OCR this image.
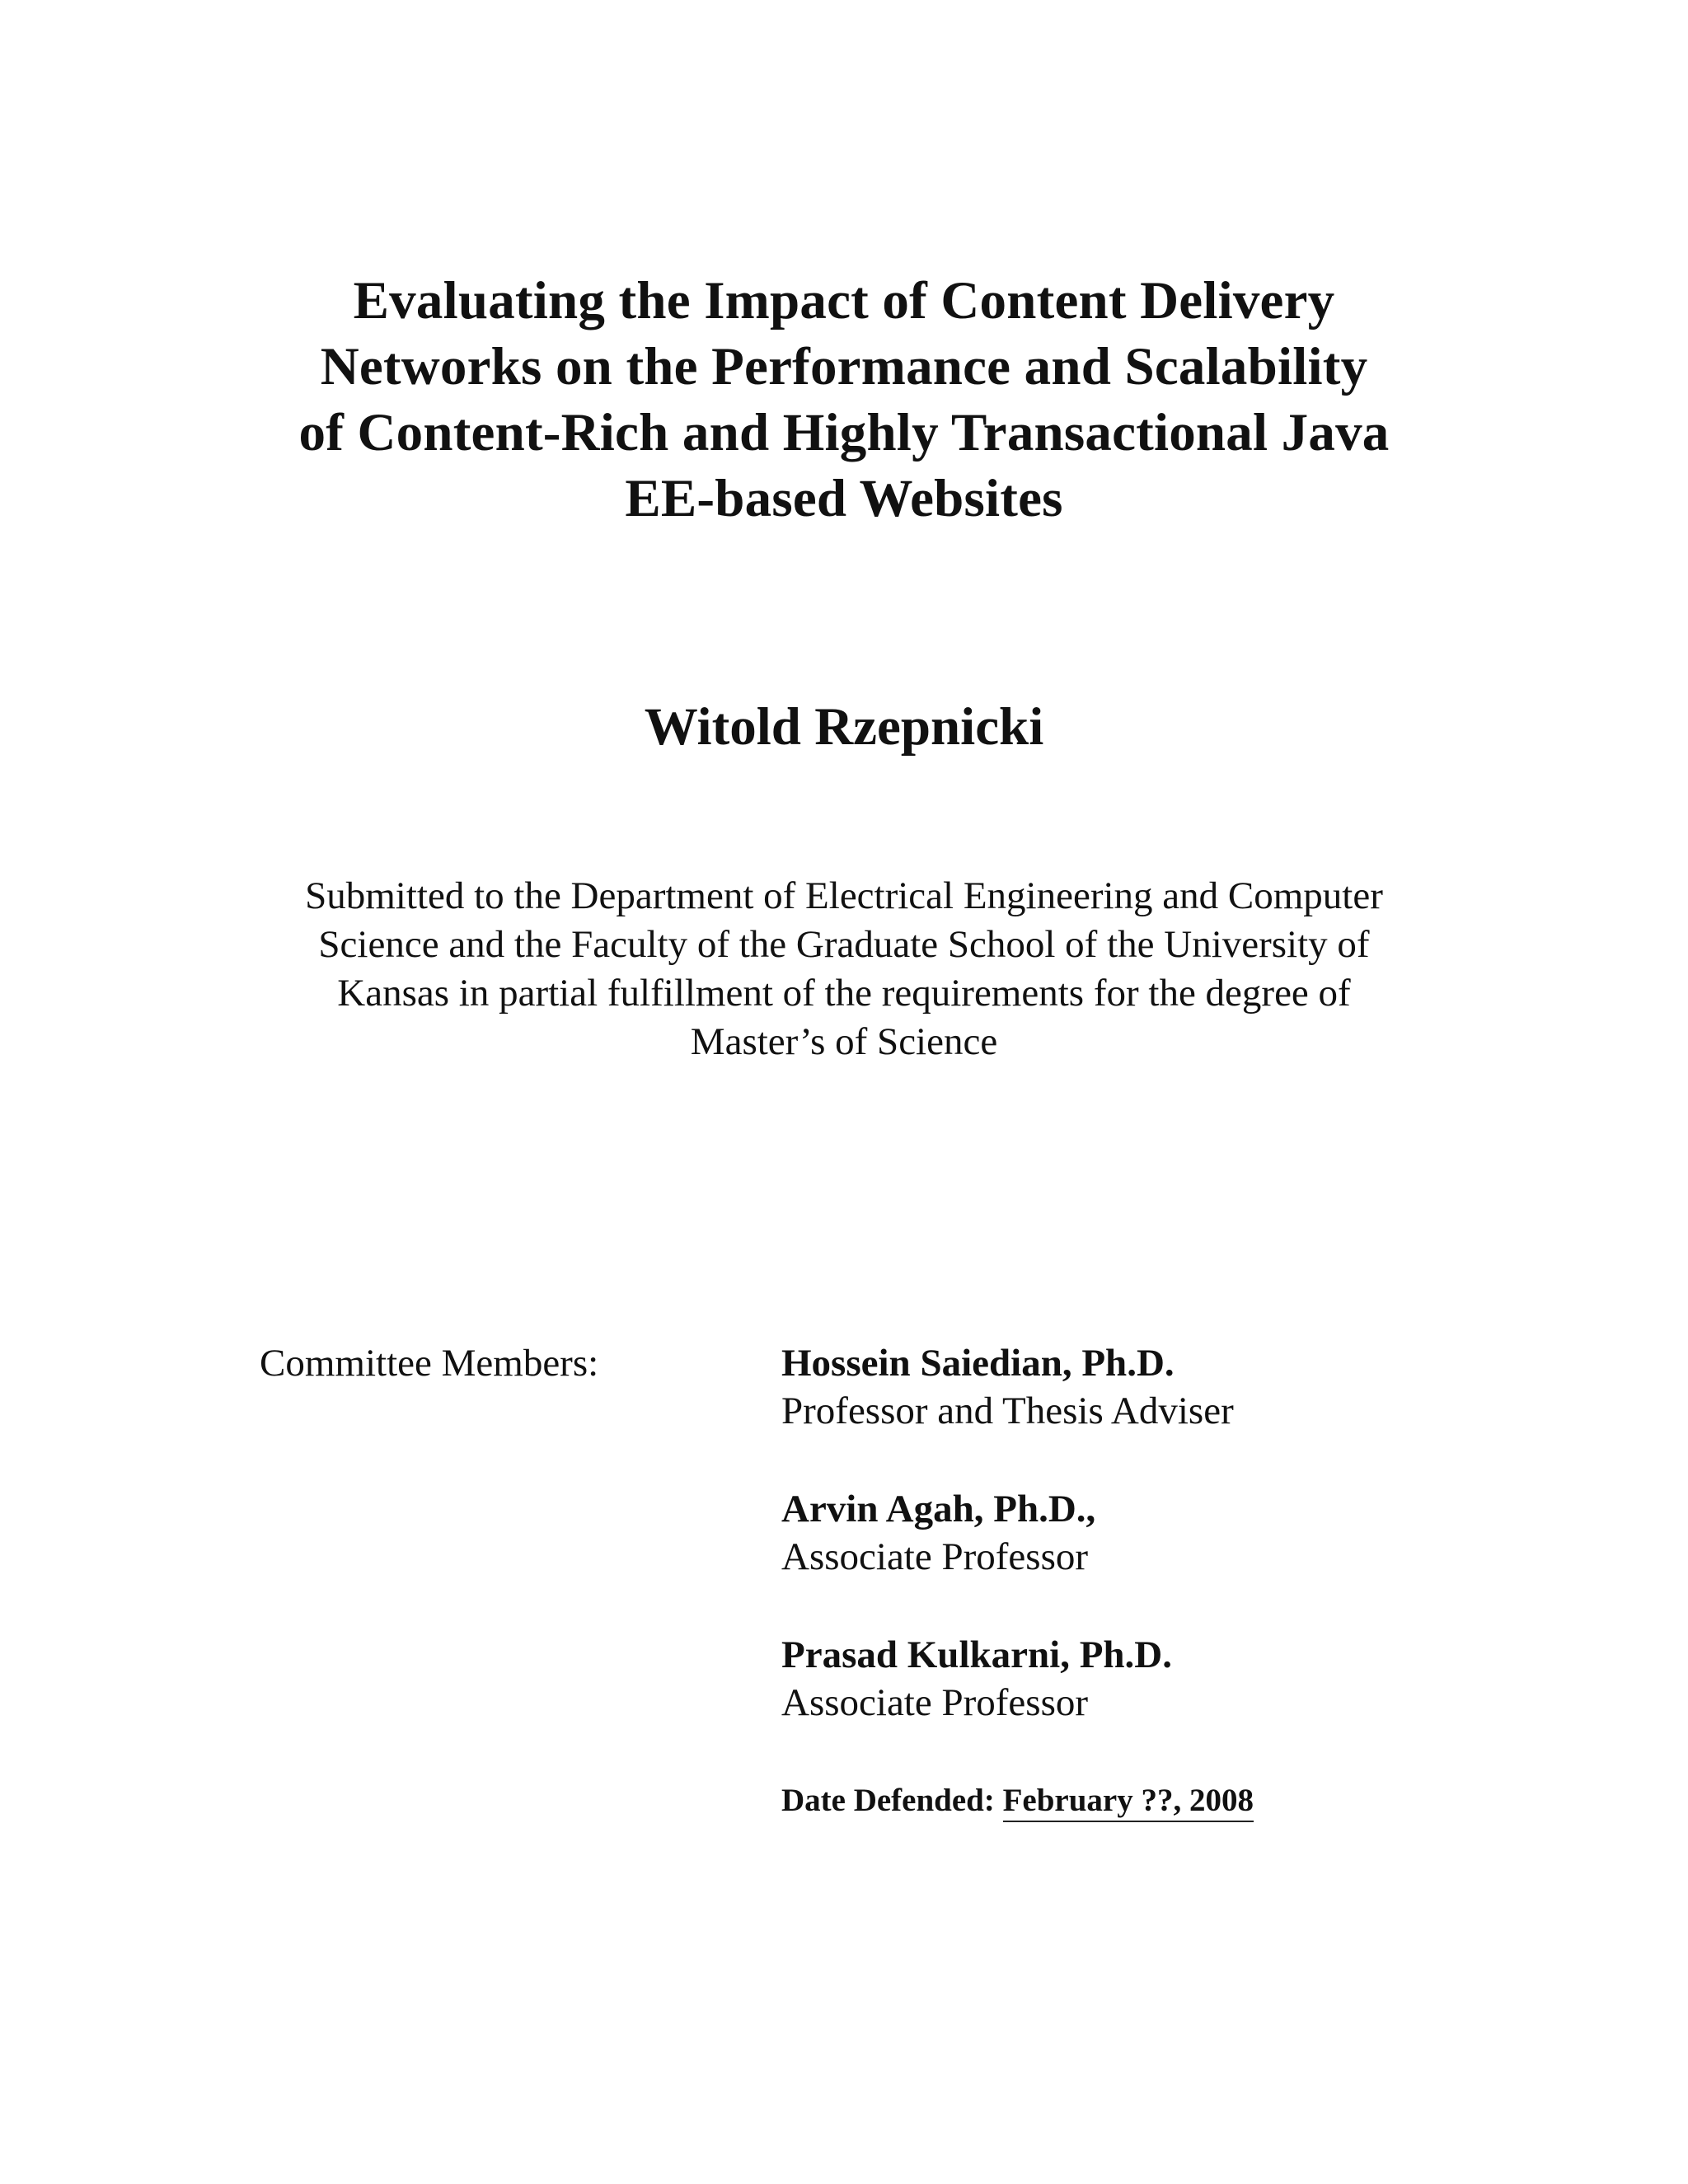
Evaluating the Impact of Content Delivery
Networks on the Performance and Scalability
of Content-Rich and Highly Transactional Java
EE-based Websites
Witold Rzepnicki
Submitted to the Department of Electrical Engineering and Computer
Science and the Faculty of the Graduate School of the University of
Kansas in partial fulfillment of the requirements for the degree of
Master’s of Science
Committee Members:	Hossein Saiedian, Ph.D.
Professor and Thesis Adviser
Arvin Agah, Ph.D.,
Associate Professor
Prasad Kulkarni, Ph.D.
Associate Professor
Date Defended: February ??, 2008
